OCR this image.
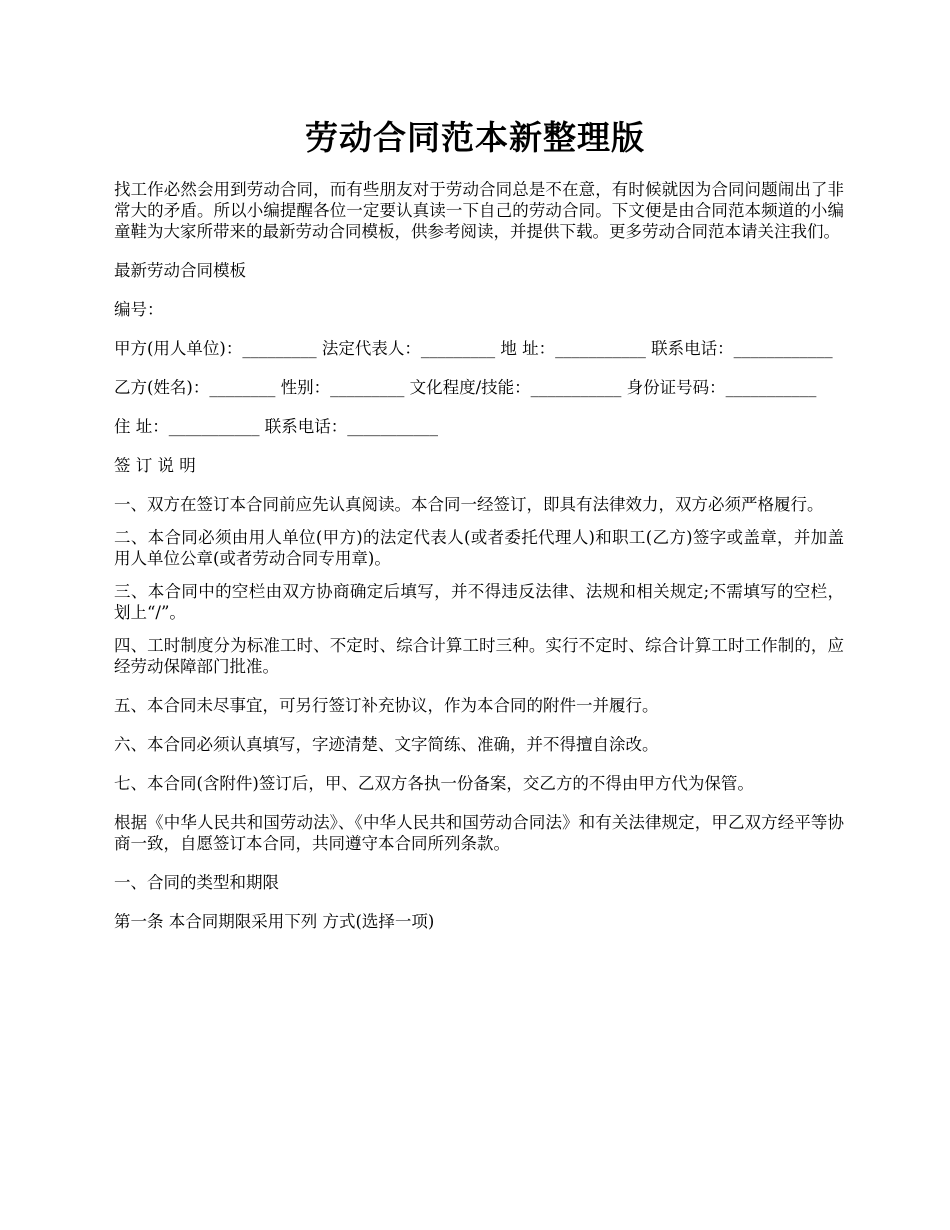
劳动合同范本新整理版

找工作必然会用到劳动合同，而有些朋友对于劳动合同总是不在意，有时候就因为合同问题闹出了非常大的矛盾。所以小编提醒各位一定要认真读一下自己的劳动合同。下文便是由合同范本频道的小编童鞋为大家所带来的最新劳动合同模板，供参考阅读，并提供下载。更多劳动合同范本请关注我们。

最新劳动合同模板

编号：

甲方(用人单位)：_________ 法定代表人：_________ 地 址：___________ 联系电话：____________

乙方(姓名)：________ 性别：_________ 文化程度/技能：___________ 身份证号码：___________

住 址：___________ 联系电话：___________

签 订 说 明

一、双方在签订本合同前应先认真阅读。本合同一经签订，即具有法律效力，双方必须严格履行。

二、本合同必须由用人单位(甲方)的法定代表人(或者委托代理人)和职工(乙方)签字或盖章，并加盖用人单位公章(或者劳动合同专用章)。

三、本合同中的空栏由双方协商确定后填写，并不得违反法律、法规和相关规定;不需填写的空栏，划上“/”。

四、工时制度分为标准工时、不定时、综合计算工时三种。实行不定时、综合计算工时工作制的，应经劳动保障部门批准。

五、本合同未尽事宜，可另行签订补充协议，作为本合同的附件一并履行。

六、本合同必须认真填写，字迹清楚、文字简练、准确，并不得擅自涂改。

七、本合同(含附件)签订后，甲、乙双方各执一份备案，交乙方的不得由甲方代为保管。

根据《中华人民共和国劳动法》、《中华人民共和国劳动合同法》和有关法律规定，甲乙双方经平等协商一致，自愿签订本合同，共同遵守本合同所列条款。

一、合同的类型和期限

第一条 本合同期限采用下列 方式(选择一项)
